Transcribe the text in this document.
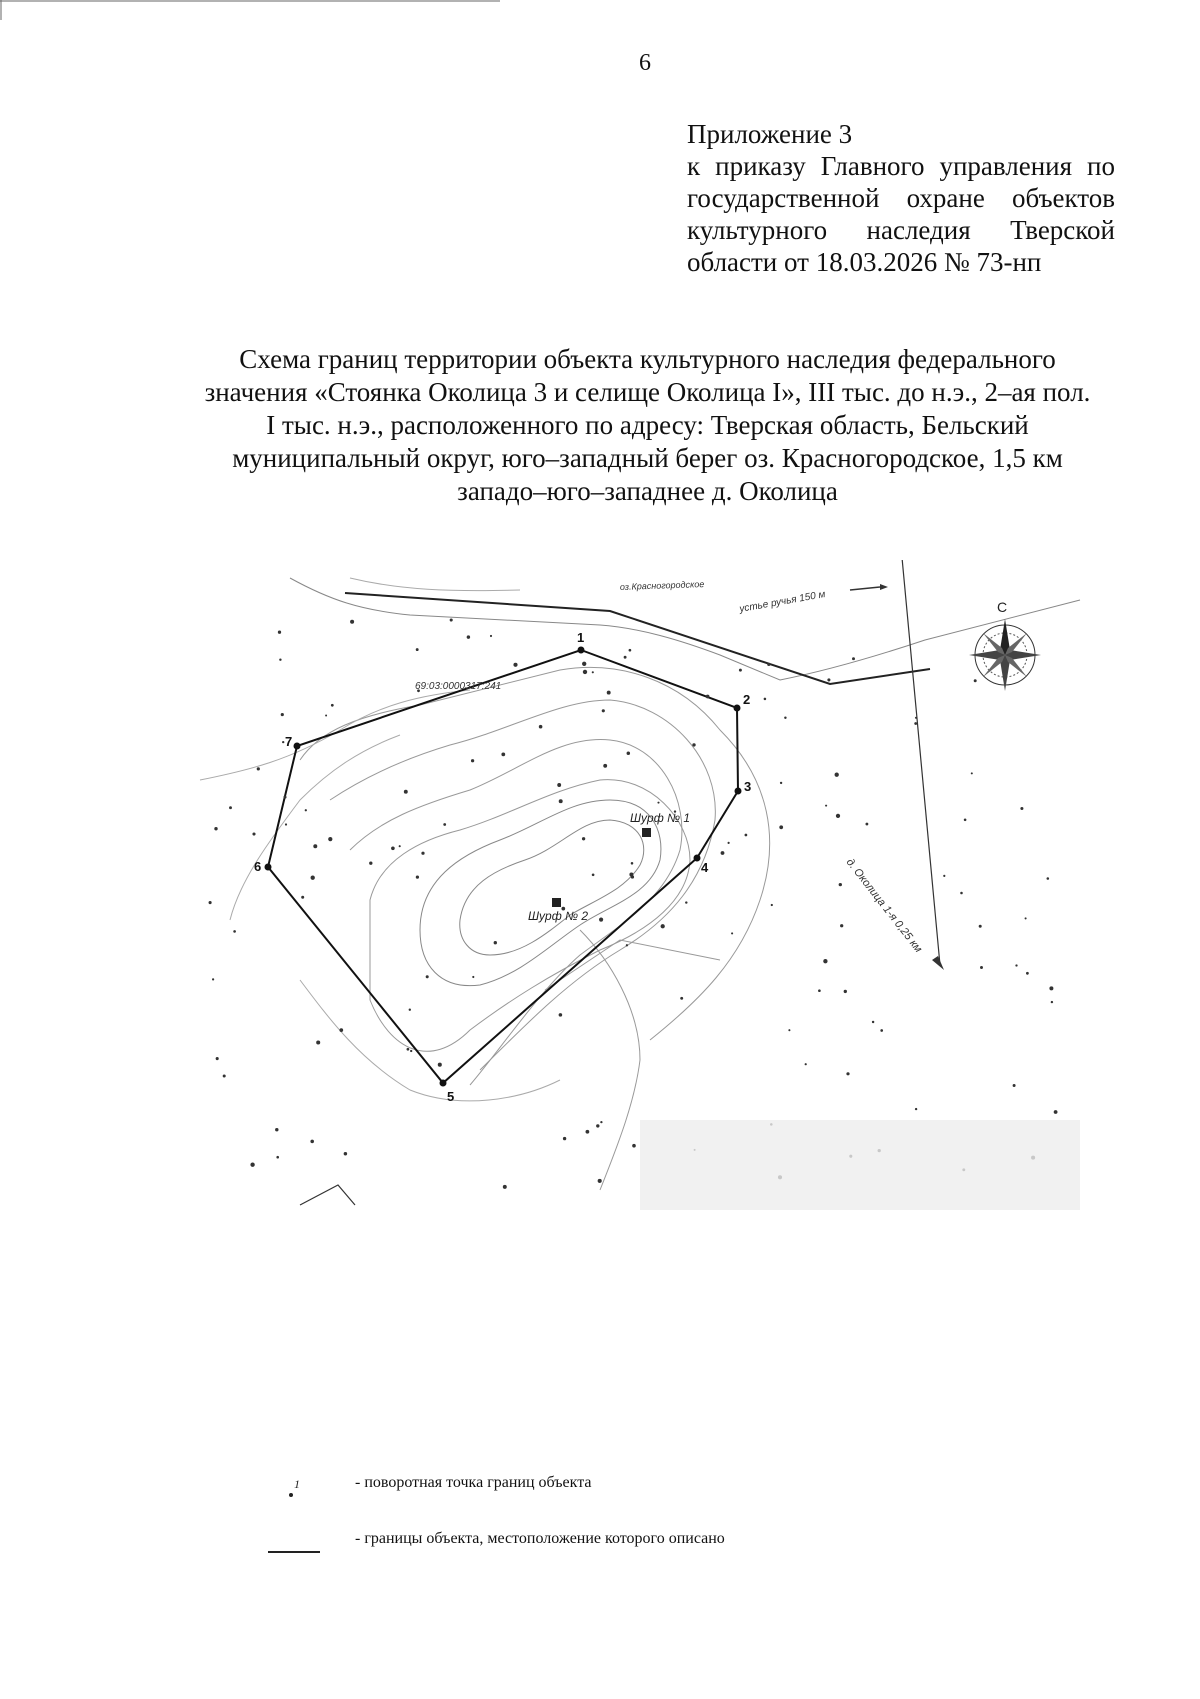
6
Приложение 3
к приказу Главного управления по
государственной охране объектов
культурного наследия Тверской
области от 18.03.2026 № 73-нп
Схема границ территории объекта культурного наследия федерального
значения «Стоянка Околица 3 и селище Околица I», III тыс. до н.э., 2–ая пол.
I тыс. н.э., расположенного по адресу: Тверская область, Бельский
муниципальный округ, юго–западный берег оз. Красногородское, 1,5 км
западо–юго–западнее д. Околица
1
2
3
4
5
6
7
Шурф № 1
Шурф № 2
оз.Красногородское
устье ручья 150 м
69:03:0000317:241
д. Околица 1-я 0,25 км
С
1	- поворотная точка границ объекта
- границы объекта, местоположение которого описано
